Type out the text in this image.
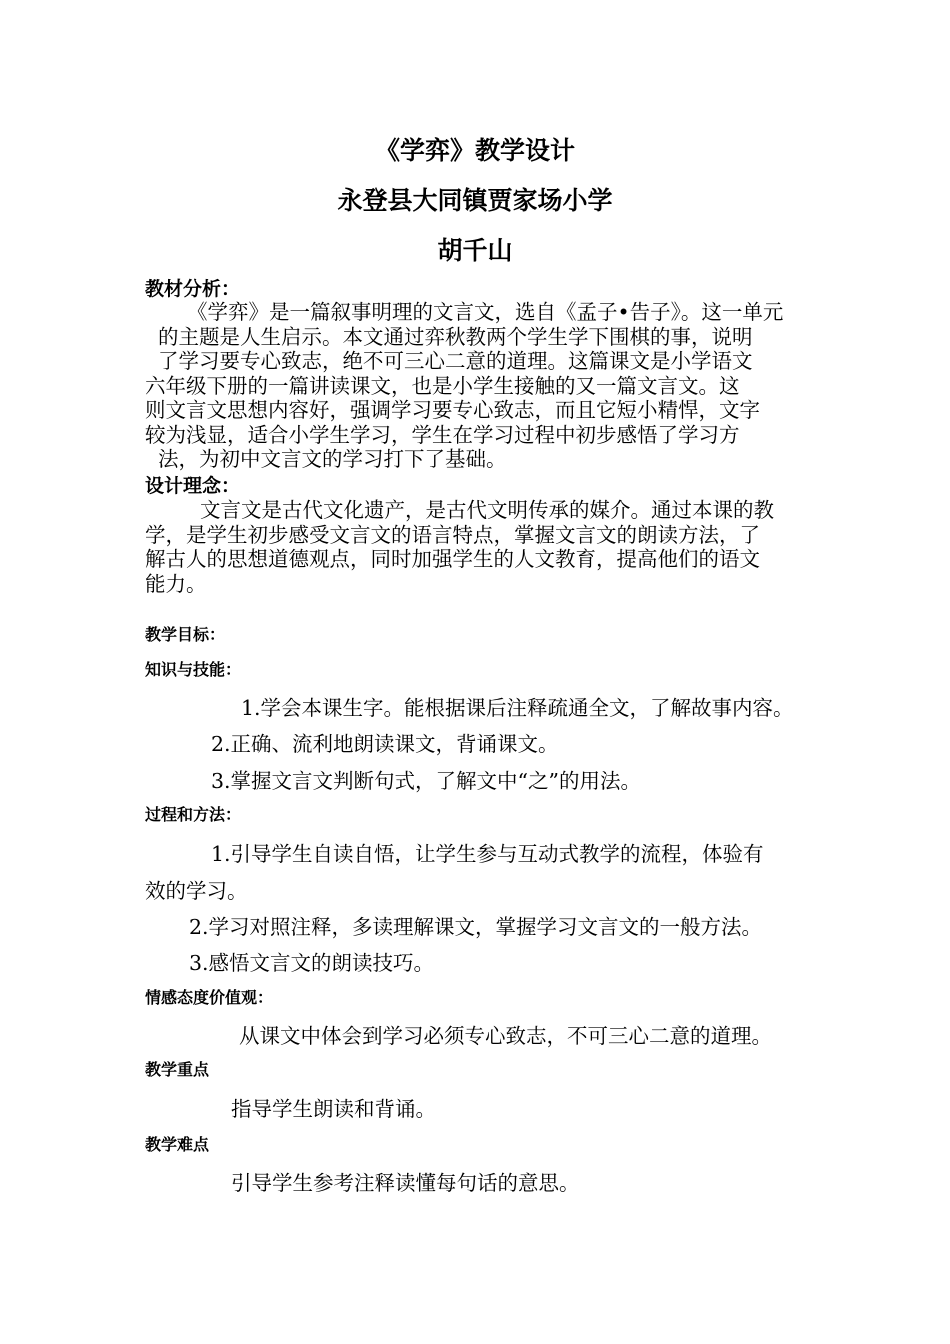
《学弈》教学设计
永登县大同镇贾家场小学
胡千山
教材分析：
《学弈》是一篇叙事明理的文言文，选自《孟子•告子》。这一单元
的主题是人生启示。本文通过弈秋教两个学生学下围棋的事，说明
了学习要专心致志，绝不可三心二意的道理。这篇课文是小学语文
六年级下册的一篇讲读课文，也是小学生接触的又一篇文言文。这
则文言文思想内容好，强调学习要专心致志，而且它短小精悍，文字
较为浅显，适合小学生学习，学生在学习过程中初步感悟了学习方
法，为初中文言文的学习打下了基础。
设计理念：
文言文是古代文化遗产，是古代文明传承的媒介。通过本课的教
学，是学生初步感受文言文的语言特点，掌握文言文的朗读方法，了
解古人的思想道德观点，同时加强学生的人文教育，提高他们的语文
能力。
教学目标：
知识与技能：
1.学会本课生字。能根据课后注释疏通全文，了解故事内容。
2.正确、流利地朗读课文，背诵课文。
3.掌握文言文判断句式，了解文中“之”的用法。
过程和方法：
1.引导学生自读自悟，让学生参与互动式教学的流程，体验有
效的学习。
2.学习对照注释，多读理解课文，掌握学习文言文的一般方法。
3.感悟文言文的朗读技巧。
情感态度价值观：
从课文中体会到学习必须专心致志，不可三心二意的道理。
教学重点
指导学生朗读和背诵。
教学难点
引导学生参考注释读懂每句话的意思。
